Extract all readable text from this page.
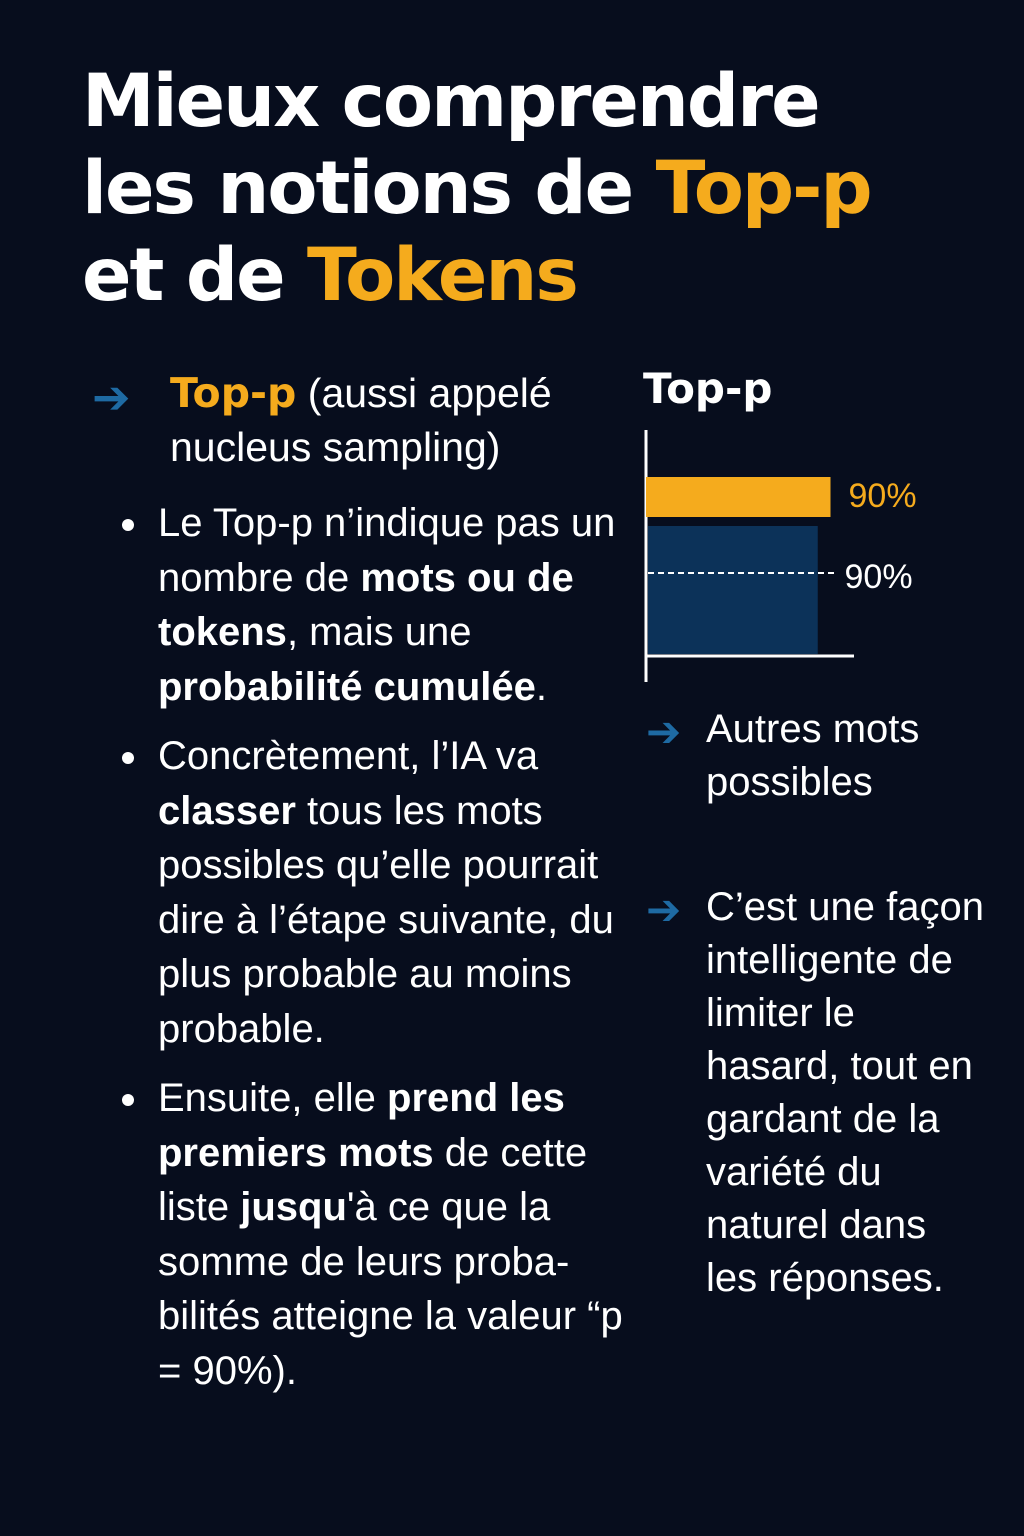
Mieux comprendre
les notions de Top-p
et de Tokens
➔ Top-p (aussi appelé nucleus sampling)
Le Top-p n’indique pas un nombre de mots ou de tokens, mais une probabilité cumulée.
Concrètement, l’IA va classer tous les mots possibles qu’elle pourrait dire à l’étape suivante, du plus probable au moins probable.
Ensuite, elle prend les premiers mots de cette liste jusqu'à ce que la somme de leurs proba-bilités atteigne la valeur “p = 90%).
Top-p
90%
90%
➔ Autres mots possibles
➔ C’est une façon intelligente de limiter le hasard, tout en gardant de la variété du naturel dans les réponses.
